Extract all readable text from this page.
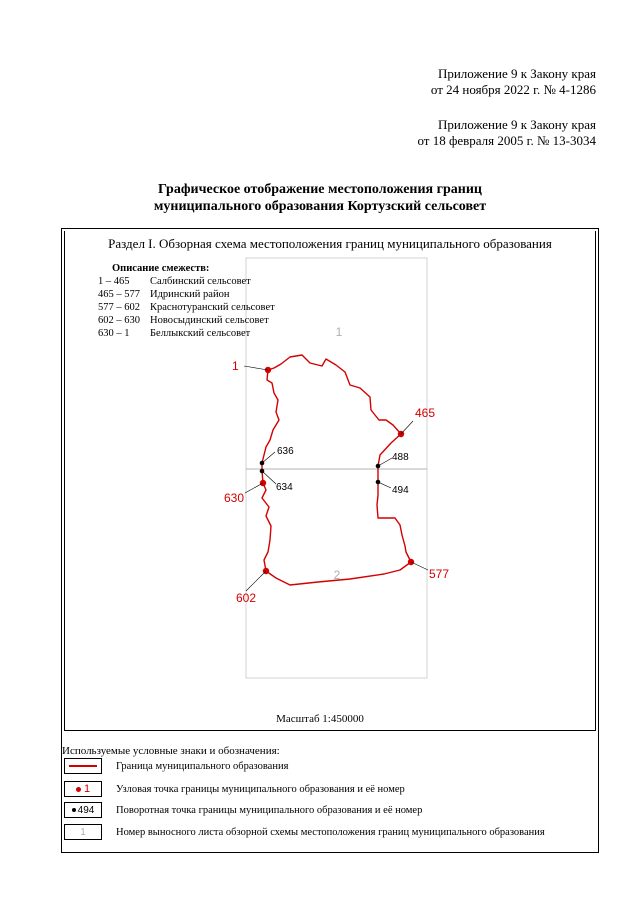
Приложение 9 к Закону края
от 24 ноября 2022 г. № 4-1286
Приложение 9 к Закону края
от 18 февраля 2005 г. № 13-3034
Графическое отображение местоположения границ
муниципального образования Кортузский сельсовет
Раздел I. Обзорная схема местоположения границ муниципального образования
1
2
1
465
577
602
630
636
634
488
494
Описание смежеств:
1 – 465	Салбинский сельсовет
465 – 577 Идринский район
577 – 602 Краснотуранский сельсовет
602 – 630 Новосыдинский сельсовет
630 – 1	Беллыкский сельсовет
Масштаб 1:450000
Используемые условные знаки и обозначения:
Граница муниципального образования
1 Узловая точка границы муниципального образования и её номер
494 Поворотная точка границы муниципального образования и её номер
1	Номер выносного листа обзорной схемы местоположения границ муниципального образования
